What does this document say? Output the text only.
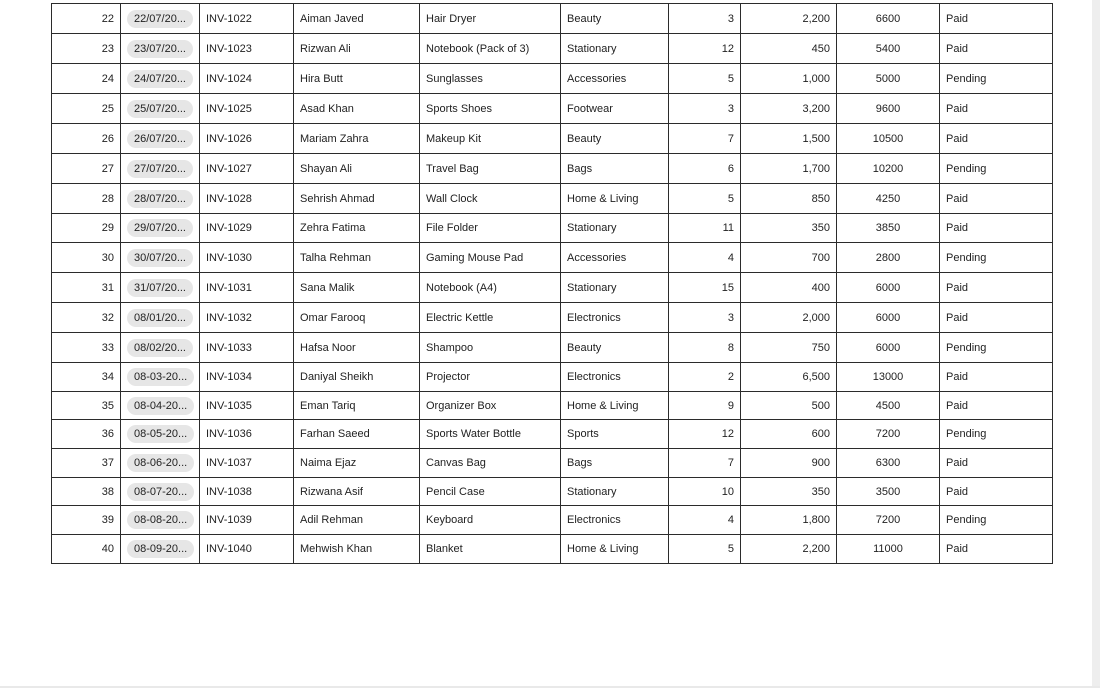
22	22/07/20...	INV-1022	Aiman Javed	Hair Dryer	Beauty	3	2,200	6600	Paid
23	23/07/20...	INV-1023	Rizwan Ali	Notebook (Pack of 3)	Stationary	12	450	5400	Paid
24	24/07/20...	INV-1024	Hira Butt	Sunglasses	Accessories	5	1,000	5000	Pending
25	25/07/20...	INV-1025	Asad Khan	Sports Shoes	Footwear	3	3,200	9600	Paid
26	26/07/20...	INV-1026	Mariam Zahra	Makeup Kit	Beauty	7	1,500	10500	Paid
27	27/07/20...	INV-1027	Shayan Ali	Travel Bag	Bags	6	1,700	10200	Pending
28	28/07/20...	INV-1028	Sehrish Ahmad	Wall Clock	Home & Living	5	850	4250	Paid
29	29/07/20...	INV-1029	Zehra Fatima	File Folder	Stationary	11	350	3850	Paid
30	30/07/20...	INV-1030	Talha Rehman	Gaming Mouse Pad	Accessories	4	700	2800	Pending
31	31/07/20...	INV-1031	Sana Malik	Notebook (A4)	Stationary	15	400	6000	Paid
32	08/01/20...	INV-1032	Omar Farooq	Electric Kettle	Electronics	3	2,000	6000	Paid
33	08/02/20...	INV-1033	Hafsa Noor	Shampoo	Beauty	8	750	6000	Pending
34	08-03-20...	INV-1034	Daniyal Sheikh	Projector	Electronics	2	6,500	13000	Paid
35	08-04-20...	INV-1035	Eman Tariq	Organizer Box	Home & Living	9	500	4500	Paid
36	08-05-20...	INV-1036	Farhan Saeed	Sports Water Bottle	Sports	12	600	7200	Pending
37	08-06-20...	INV-1037	Naima Ejaz	Canvas Bag	Bags	7	900	6300	Paid
38	08-07-20...	INV-1038	Rizwana Asif	Pencil Case	Stationary	10	350	3500	Paid
39	08-08-20...	INV-1039	Adil Rehman	Keyboard	Electronics	4	1,800	7200	Pending
40	08-09-20...	INV-1040	Mehwish Khan	Blanket	Home & Living	5	2,200	11000	Paid
